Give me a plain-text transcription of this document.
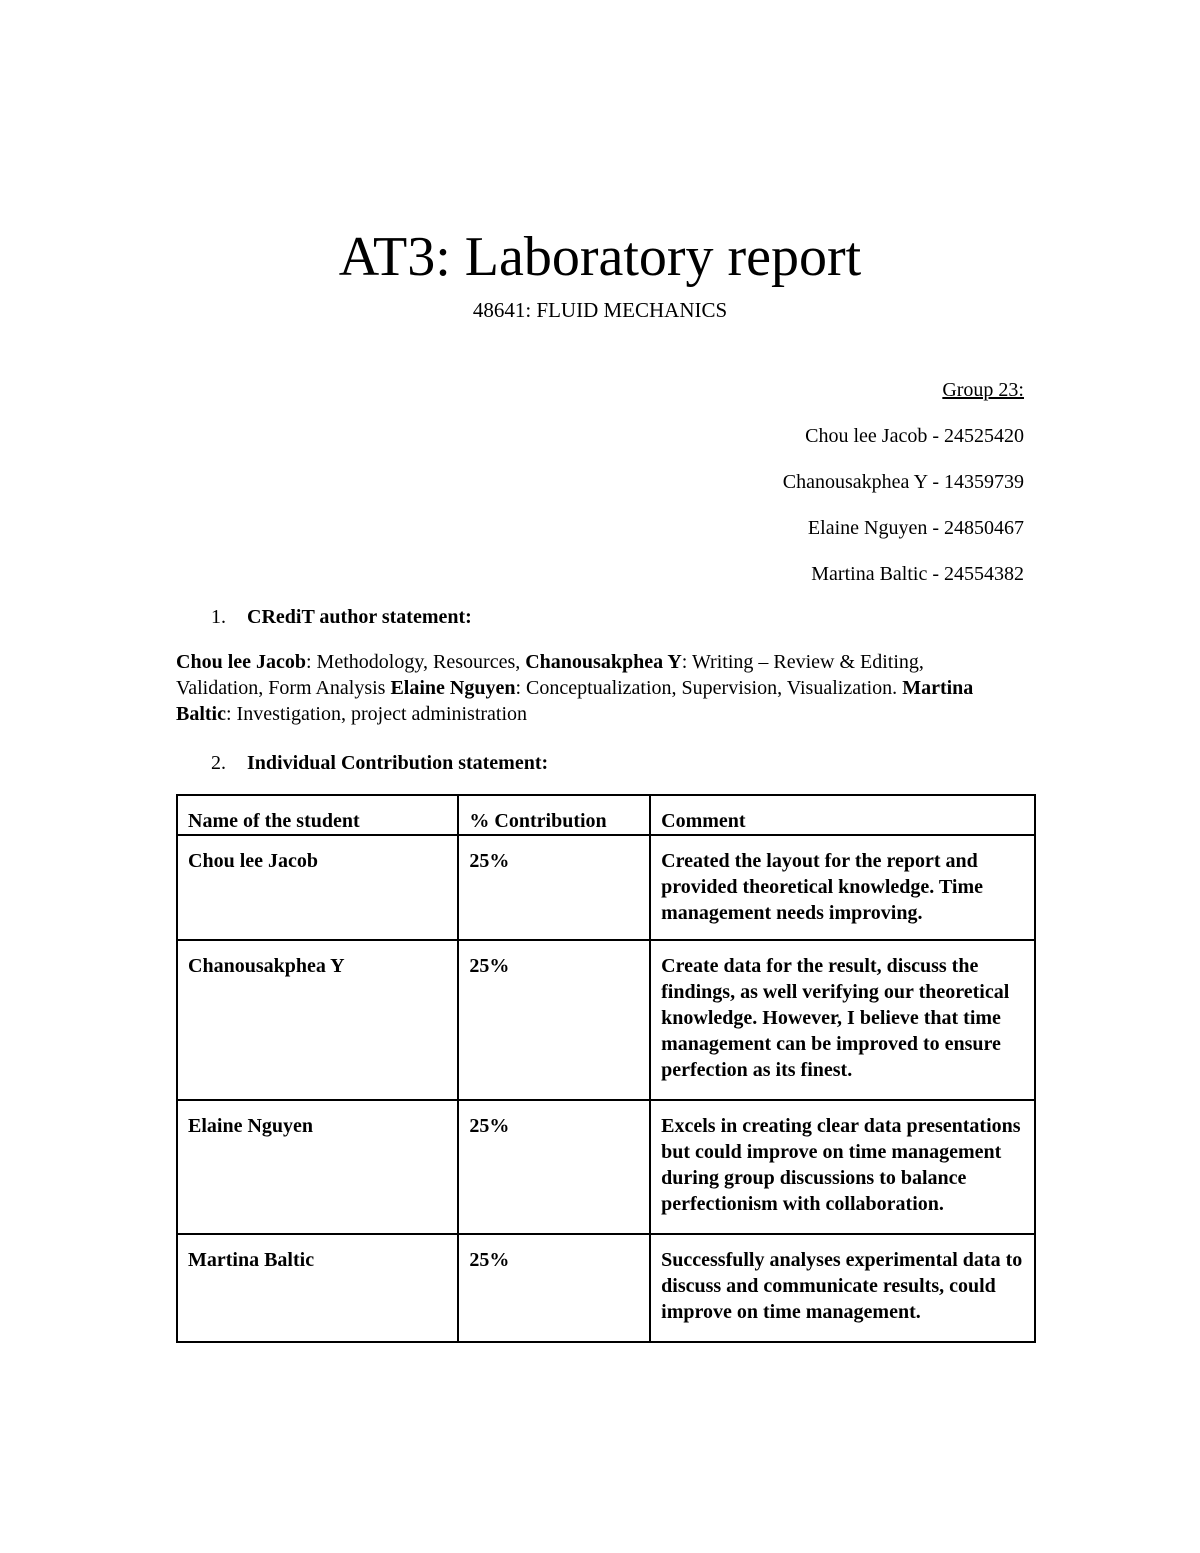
AT3: Laboratory report
48641: FLUID MECHANICS
Group 23:
Chou lee Jacob - 24525420
Chanousakphea Y - 14359739
Elaine Nguyen - 24850467
Martina Baltic - 24554382
1. CRediT author statement:
Chou lee Jacob: Methodology, Resources, Chanousakphea Y: Writing – Review & Editing, Validation, Form Analysis Elaine Nguyen: Conceptualization, Supervision, Visualization. Martina Baltic: Investigation, project administration
2. Individual Contribution statement:
Name of the student	% Contribution	Comment
Chou lee Jacob	25%	Created the layout for the report and provided theoretical knowledge. Time management needs improving.
Chanousakphea Y	25%	Create data for the result, discuss the findings, as well verifying our theoretical knowledge. However, I believe that time management can be improved to ensure perfection as its finest.
Elaine Nguyen	25%	Excels in creating clear data presentations but could improve on time management during group discussions to balance perfectionism with collaboration.
Martina Baltic	25%	Successfully analyses experimental data to discuss and communicate results, could improve on time management.
